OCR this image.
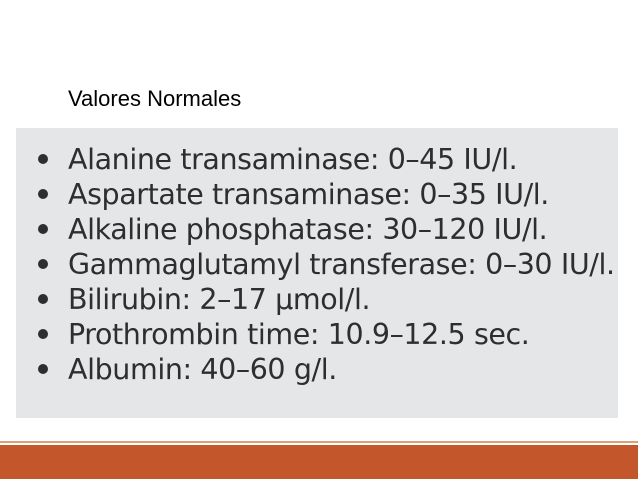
Valores Normales
Alanine transaminase: 0–45 IU/l.
Aspartate transaminase: 0–35 IU/l.
Alkaline phosphatase: 30–120 IU/l.
Gammaglutamyl transferase: 0–30 IU/l.
Bilirubin: 2–17 μmol/l.
Prothrombin time: 10.9–12.5 sec.
Albumin: 40–60 g/l.
